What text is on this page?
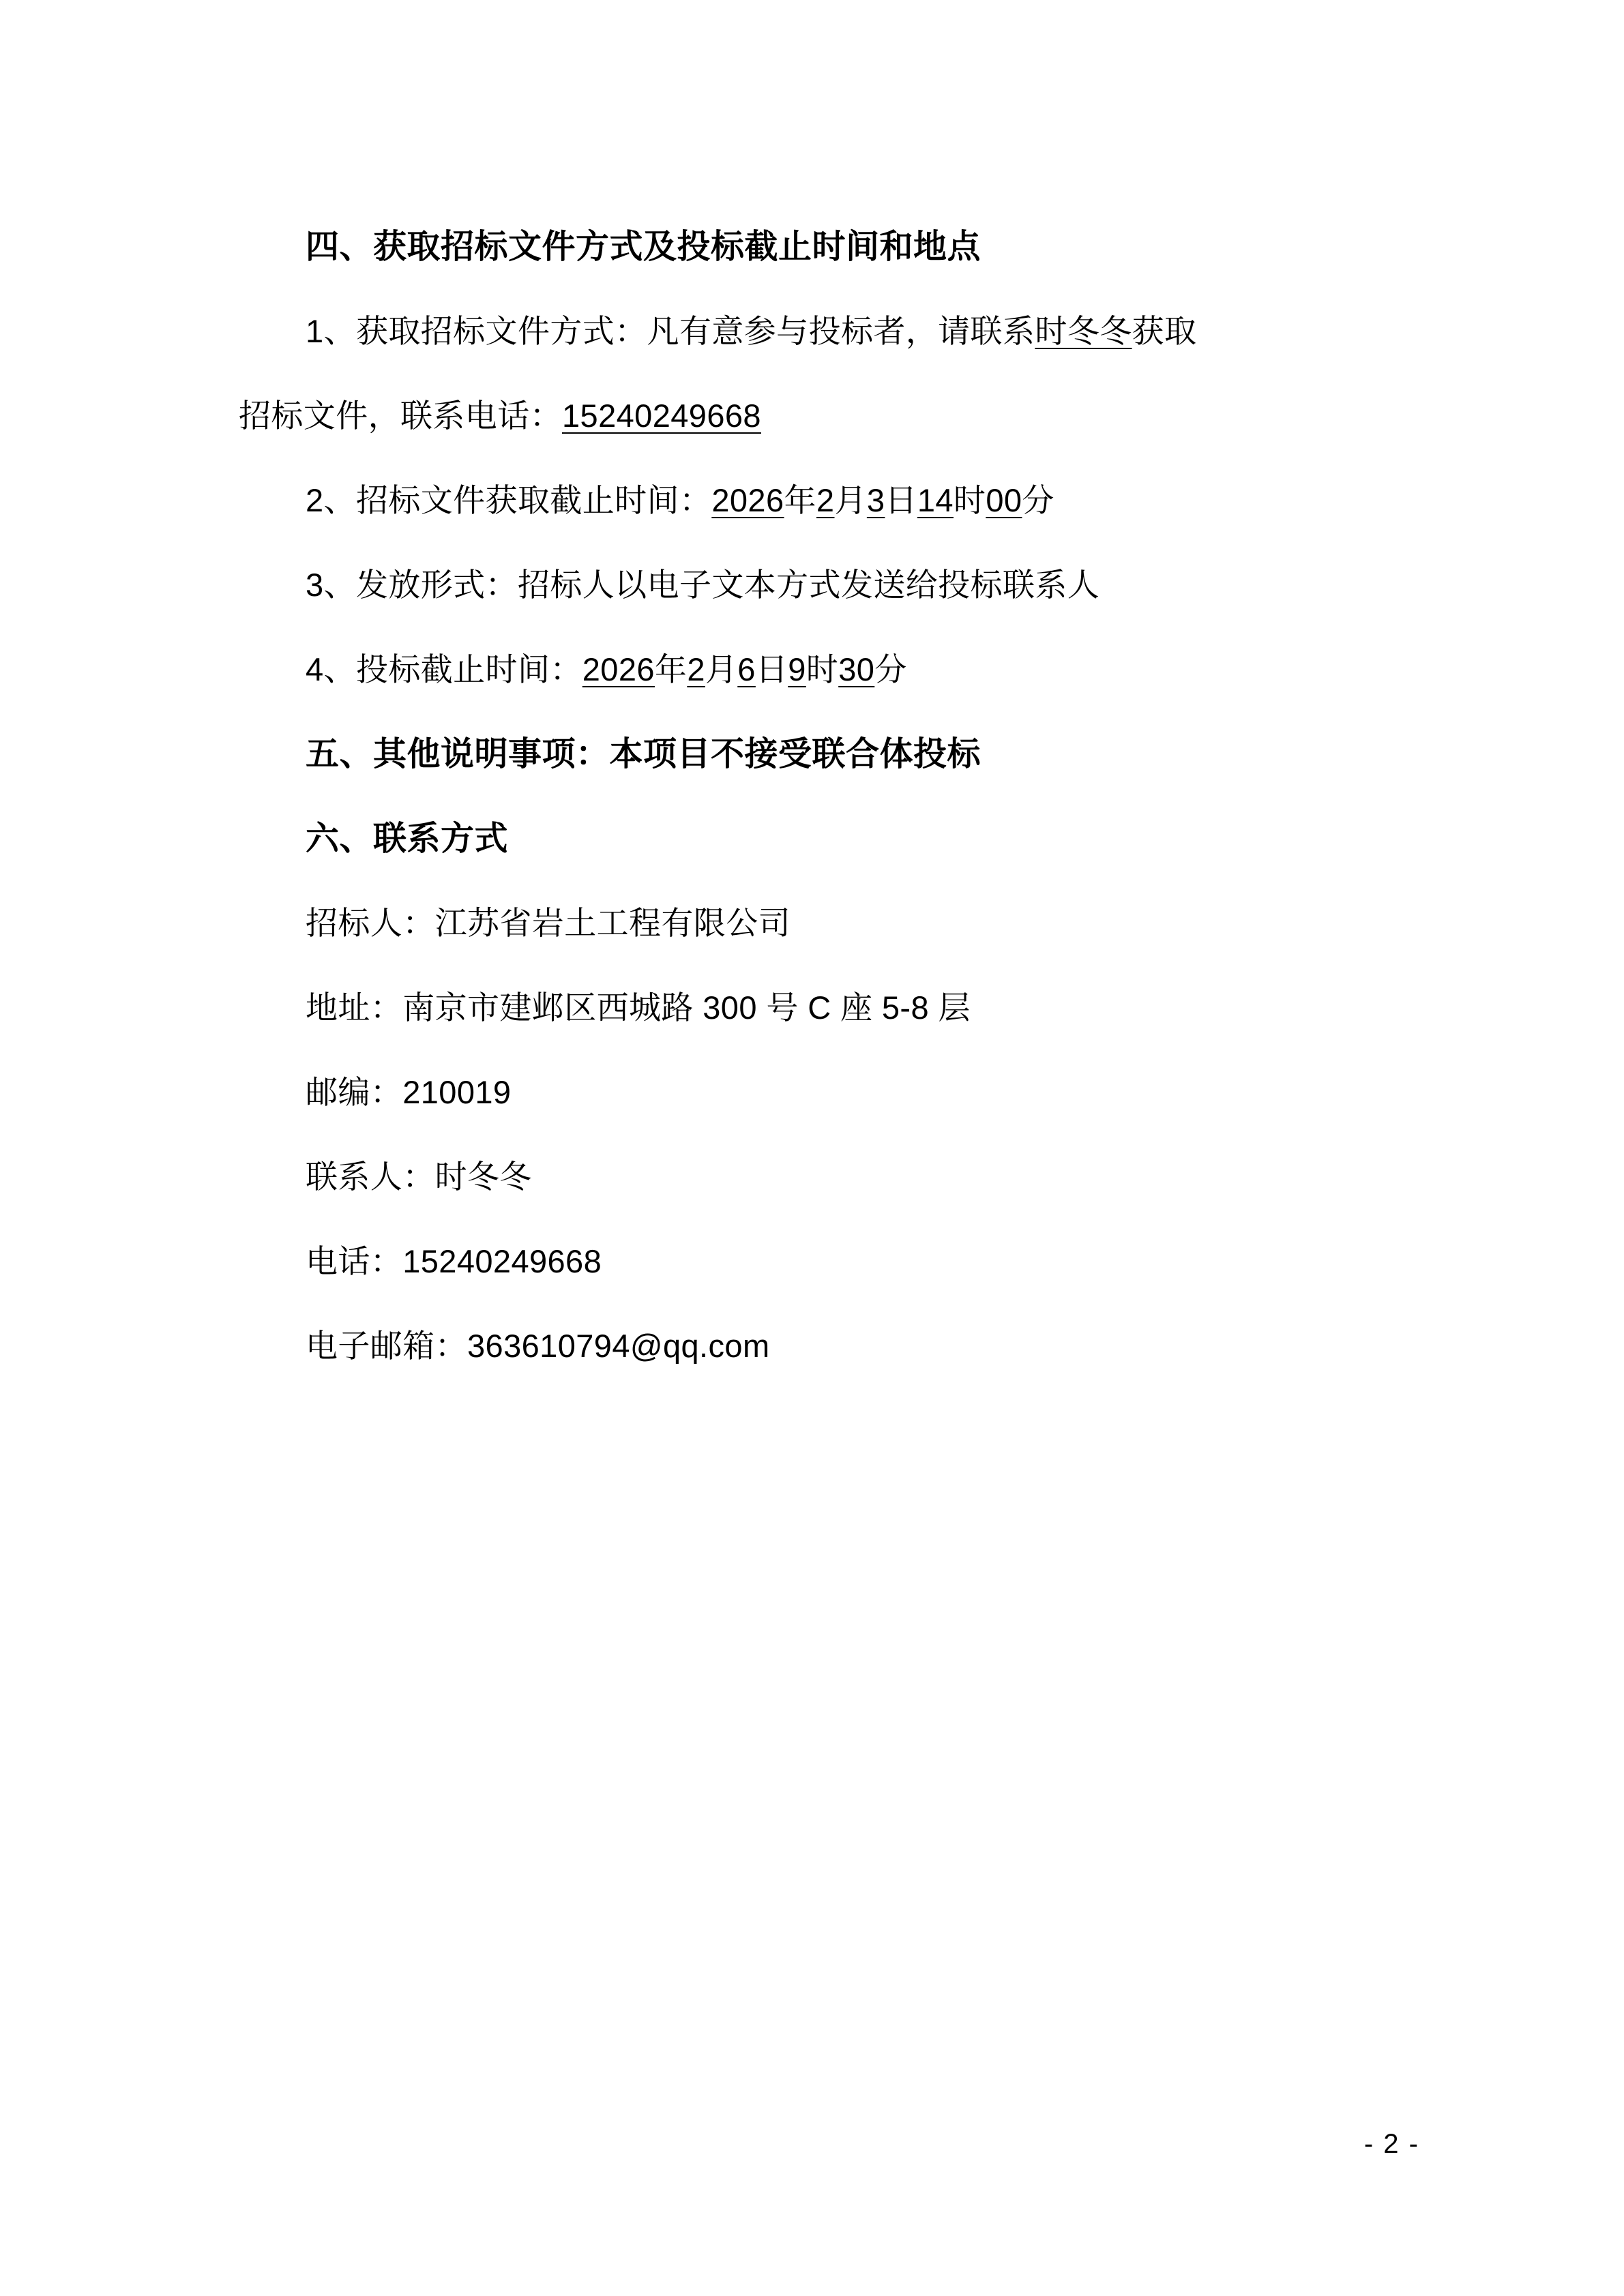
四、获取招标文件方式及投标截止时间和地点

1、获取招标文件方式：凡有意参与投标者，请联系时冬冬获取

招标文件，联系电话：15240249668

2、招标文件获取截止时间：2026年2月3日14时00分

3、发放形式：招标人以电子文本方式发送给投标联系人

4、投标截止时间：2026年2月6日9时30分

五、其他说明事项：本项目不接受联合体投标

六、联系方式

招标人：江苏省岩土工程有限公司

地址：南京市建邺区西城路 300 号 C 座 5-8 层

邮编：210019

联系人：时冬冬

电话：15240249668

电子邮箱：363610794@qq.com

- 2 -
